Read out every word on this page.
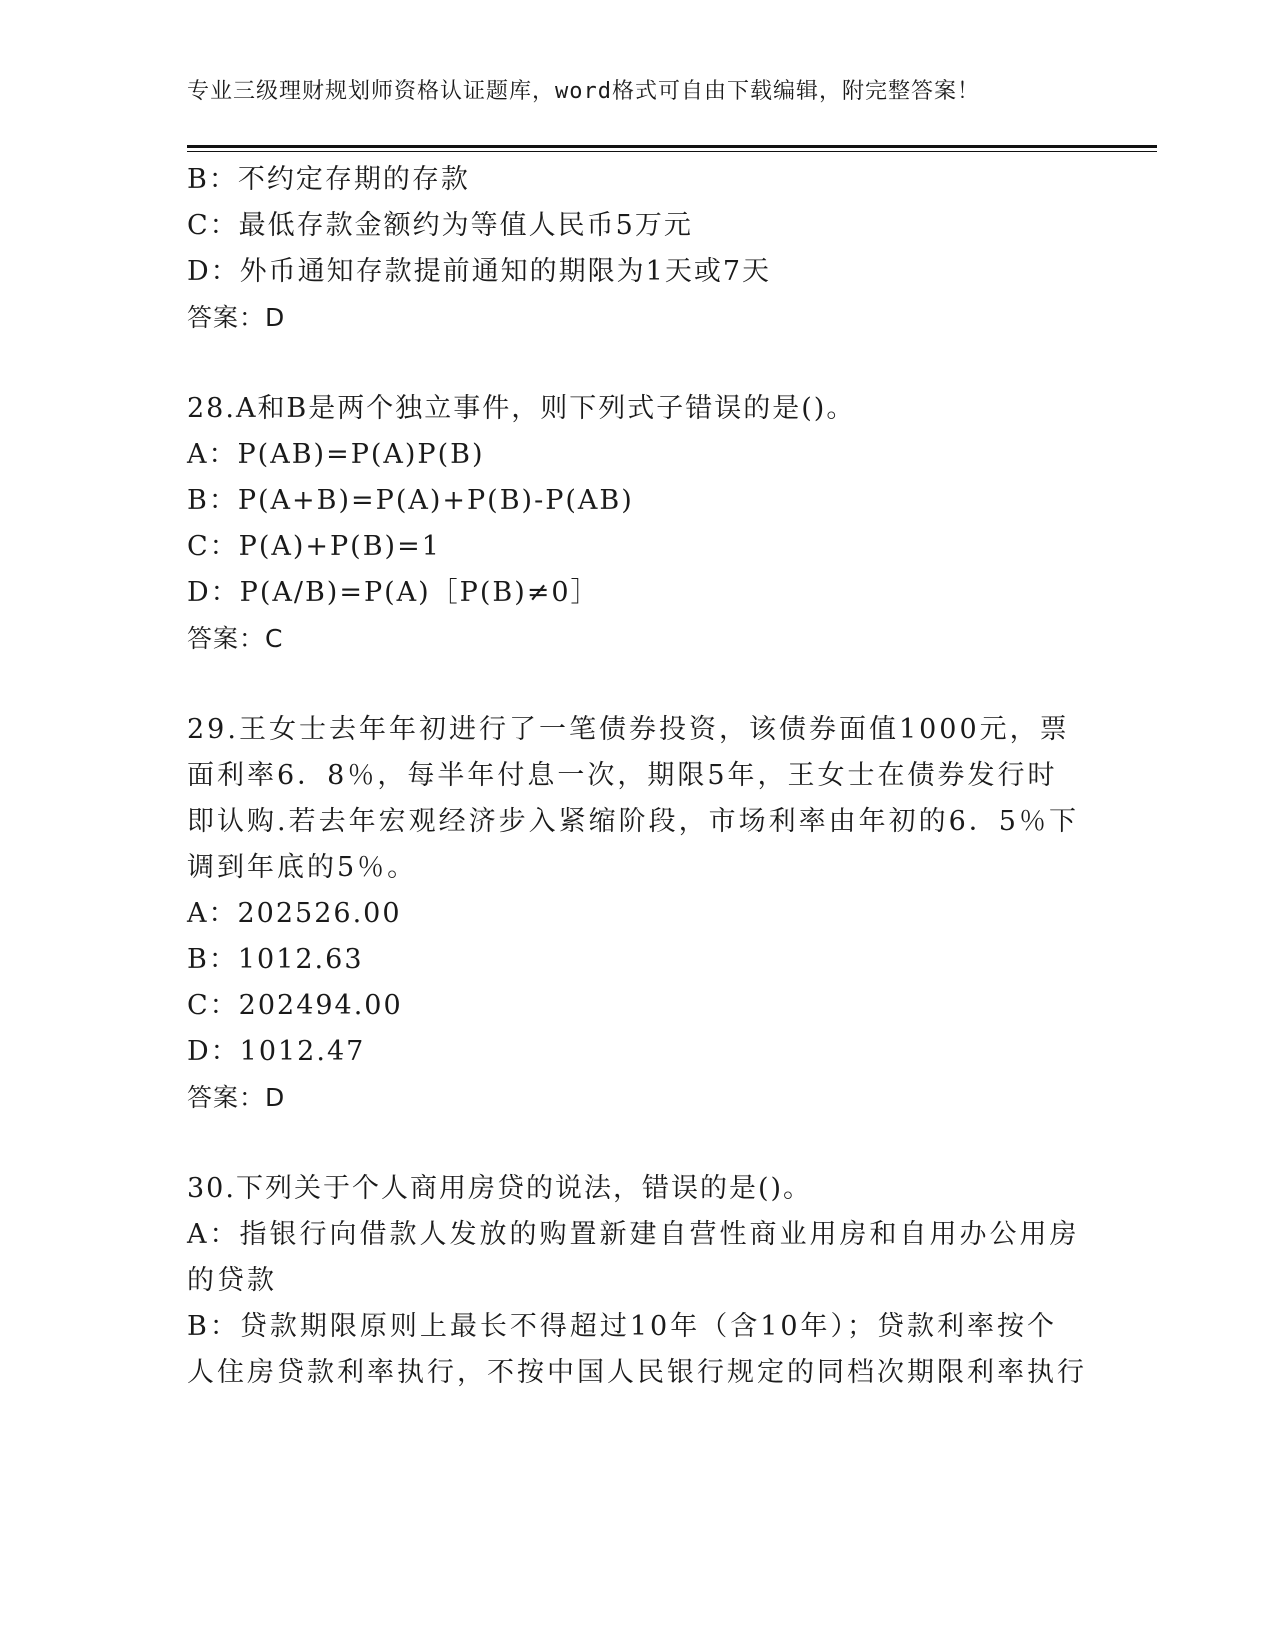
专业三级理财规划师资格认证题库，word格式可自由下载编辑，附完整答案！
B：不约定存期的存款
C：最低存款金额约为等值人民币5万元
D：外币通知存款提前通知的期限为1天或7天
答案：D
28.A和B是两个独立事件，则下列式子错误的是()。
A：P(AB)=P(A)P(B)
B：P(A+B)=P(A)+P(B)-P(AB)
C：P(A)+P(B)=1
D：P(A/B)=P(A)［P(B)≠0］
答案：C
29.王女士去年年初进行了一笔债券投资，该债券面值1000元，票面利率6．8％，每半年付息一次，期限5年，王女士在债券发行时即认购.若去年宏观经济步入紧缩阶段，市场利率由年初的6．5％下调到年底的5％。
A：202526.00
B：1012.63
C：202494.00
D：1012.47
答案：D
30.下列关于个人商用房贷的说法，错误的是()。
A：指银行向借款人发放的购置新建自营性商业用房和自用办公用房的贷款
B：贷款期限原则上最长不得超过10年（含10年）；贷款利率按个人住房贷款利率执行，不按中国人民银行规定的同档次期限利率执行
